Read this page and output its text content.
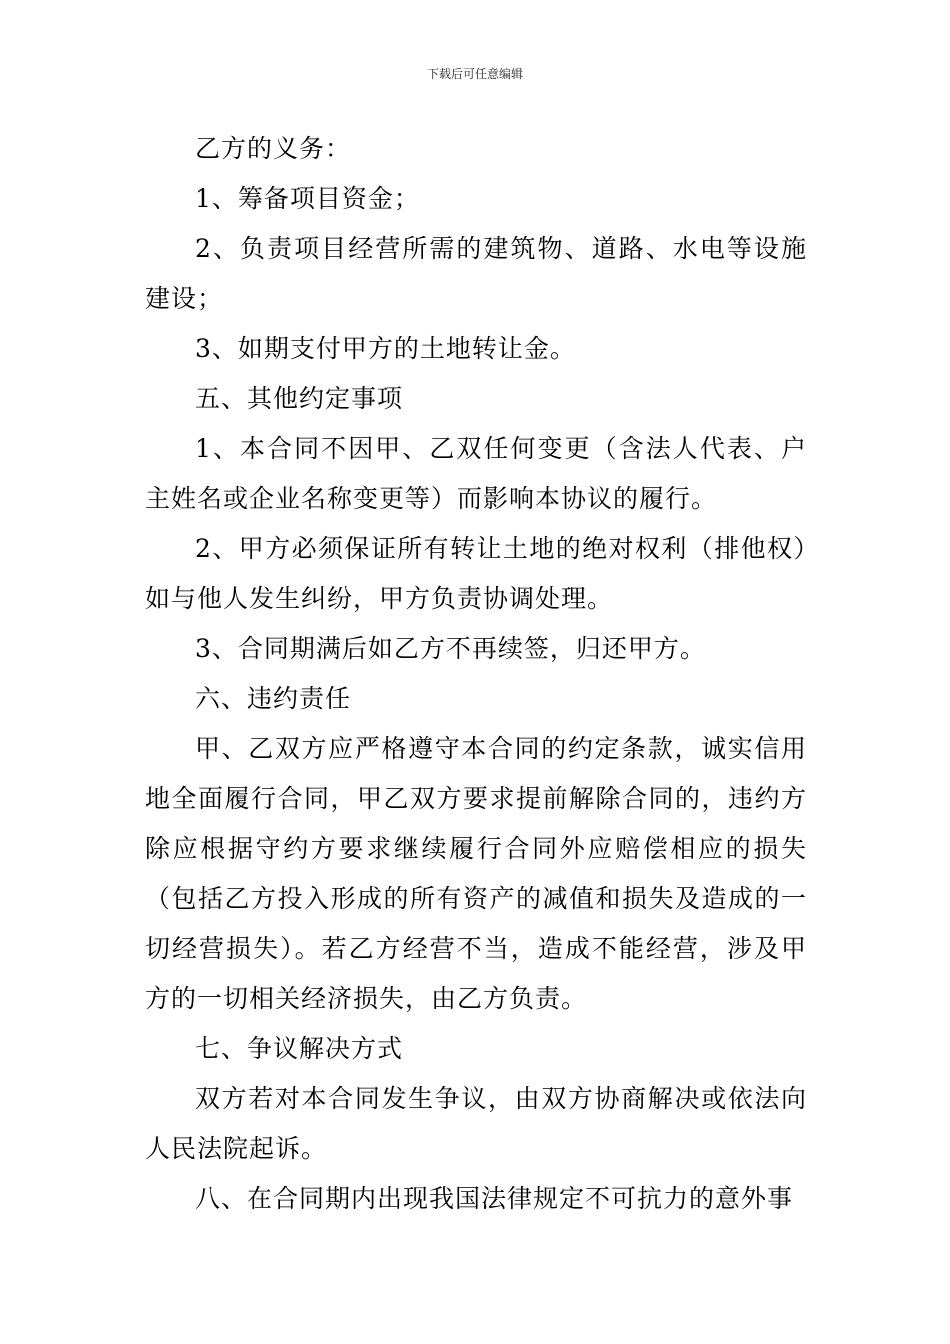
下载后可任意编辑

乙方的义务：

1、筹备项目资金；

2、负责项目经营所需的建筑物、道路、水电等设施建设；

3、如期支付甲方的土地转让金。

五、其他约定事项

1、本合同不因甲、乙双任何变更（含法人代表、户主姓名或企业名称变更等）而影响本协议的履行。

2、甲方必须保证所有转让土地的绝对权利（排他权）如与他人发生纠纷，甲方负责协调处理。

3、合同期满后如乙方不再续签，归还甲方。

六、违约责任

甲、乙双方应严格遵守本合同的约定条款，诚实信用地全面履行合同，甲乙双方要求提前解除合同的，违约方除应根据守约方要求继续履行合同外应赔偿相应的损失（包括乙方投入形成的所有资产的减值和损失及造成的一切经营损失）。若乙方经营不当，造成不能经营，涉及甲方的一切相关经济损失，由乙方负责。

七、争议解决方式

双方若对本合同发生争议，由双方协商解决或依法向人民法院起诉。

八、在合同期内出现我国法律规定不可抗力的意外事
